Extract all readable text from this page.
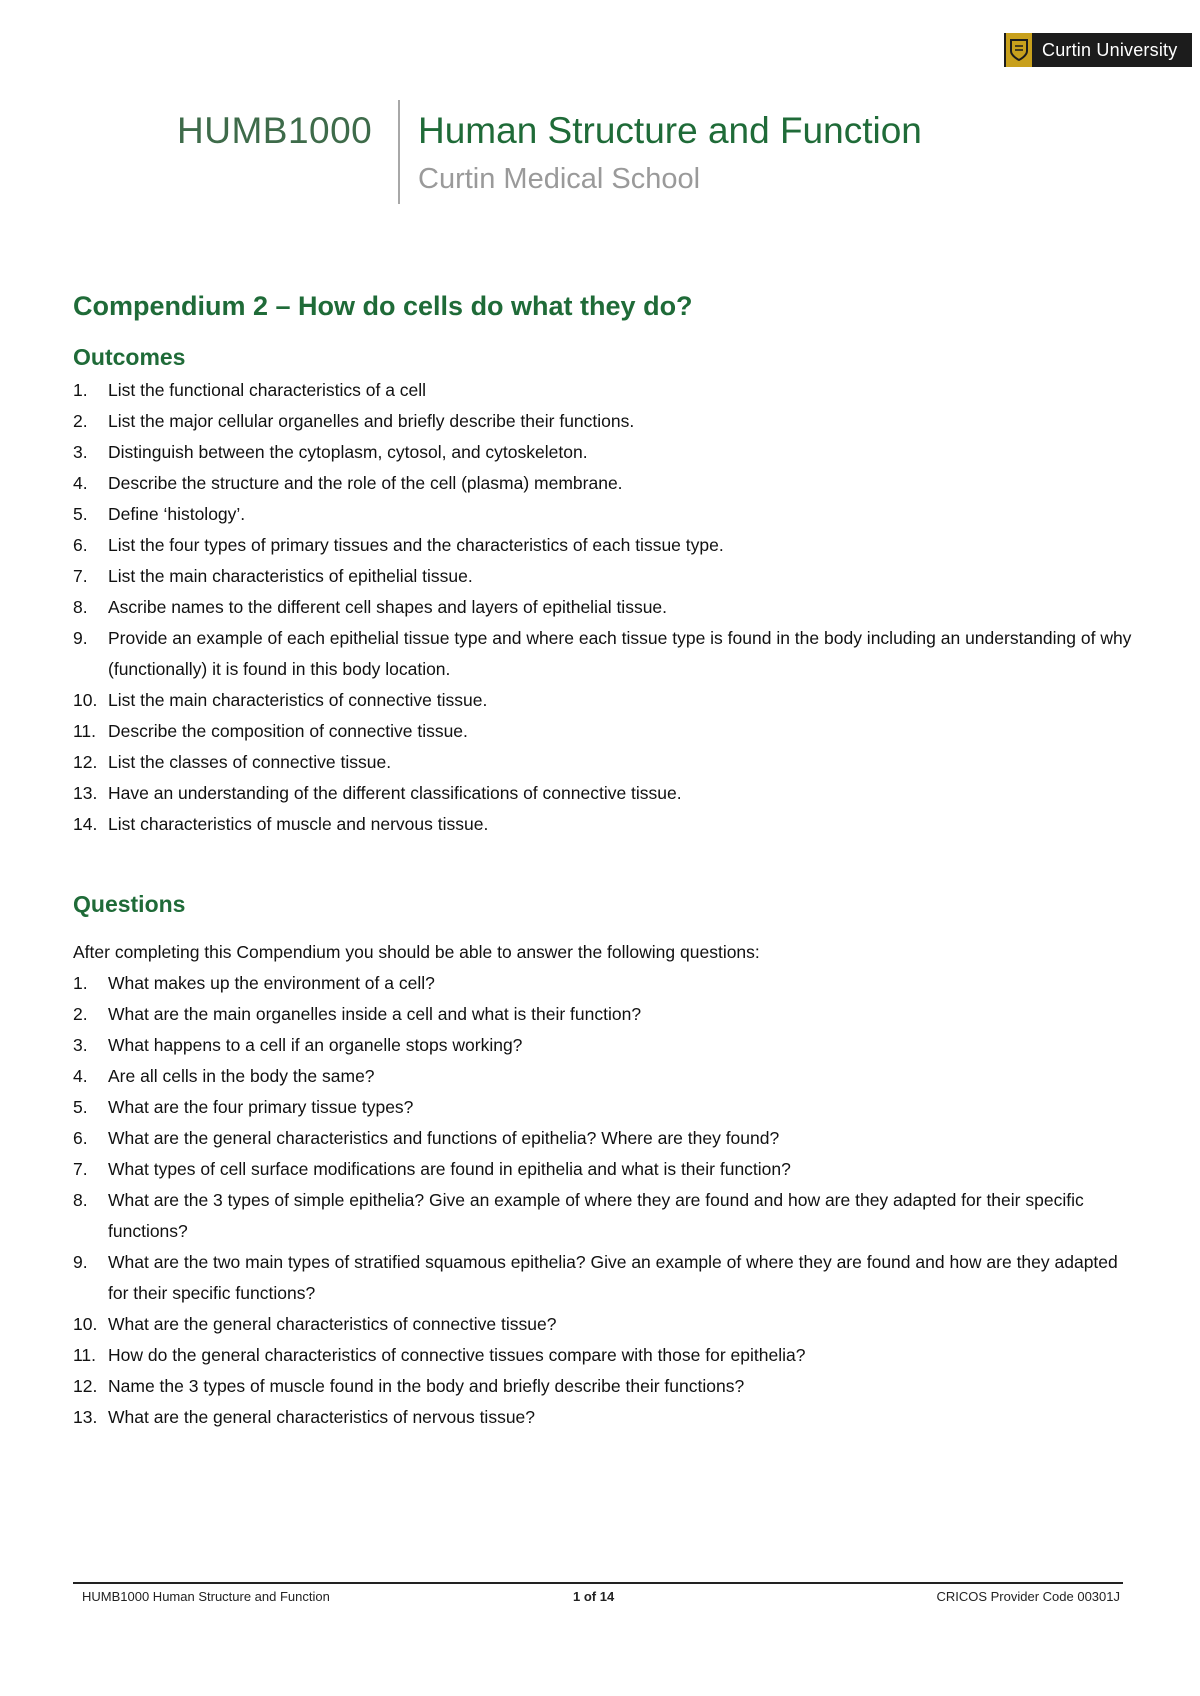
Curtin University
HUMB1000 Human Structure and Function
Curtin Medical School
Compendium 2 – How do cells do what they do?
Outcomes
1. List the functional characteristics of a cell
2. List the major cellular organelles and briefly describe their functions.
3. Distinguish between the cytoplasm, cytosol, and cytoskeleton.
4. Describe the structure and the role of the cell (plasma) membrane.
5. Define ‘histology’.
6. List the four types of primary tissues and the characteristics of each tissue type.
7. List the main characteristics of epithelial tissue.
8. Ascribe names to the different cell shapes and layers of epithelial tissue.
9. Provide an example of each epithelial tissue type and where each tissue type is found in the body including an understanding of why (functionally) it is found in this body location.
10. List the main characteristics of connective tissue.
11. Describe the composition of connective tissue.
12. List the classes of connective tissue.
13. Have an understanding of the different classifications of connective tissue.
14. List characteristics of muscle and nervous tissue.
Questions

After completing this Compendium you should be able to answer the following questions:

1. What makes up the environment of a cell?
2. What are the main organelles inside a cell and what is their function?
3. What happens to a cell if an organelle stops working?
4. Are all cells in the body the same?
5. What are the four primary tissue types?
6. What are the general characteristics and functions of epithelia? Where are they found?
7. What types of cell surface modifications are found in epithelia and what is their function?
8. What are the 3 types of simple epithelia? Give an example of where they are found and how are they adapted for their specific functions?
9. What are the two main types of stratified squamous epithelia? Give an example of where they are found and how are they adapted for their specific functions?
10. What are the general characteristics of connective tissue?
11. How do the general characteristics of connective tissues compare with those for epithelia?
12. Name the 3 types of muscle found in the body and briefly describe their functions?
13. What are the general characteristics of nervous tissue?
HUMB1000 Human Structure and Function	1 of 14	CRICOS Provider Code 00301J
